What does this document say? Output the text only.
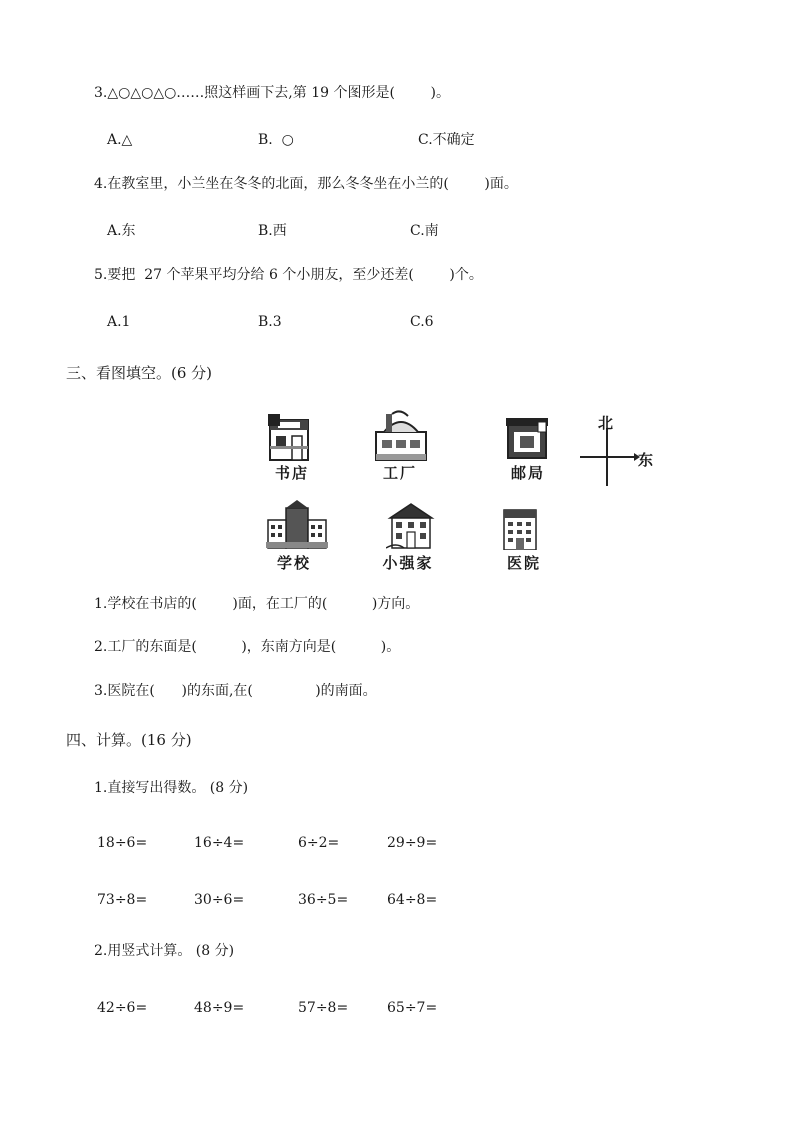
3.△○△○△○……照这样画下去,第 19 个图形是(        )。
A.△	B.  ○	C.不确定
4.在教室里，小兰坐在冬冬的北面，那么冬冬坐在小兰的(        )面。
A.东	B.西	C.南
5.要把  27 个苹果平均分给 6 个小朋友，至少还差(        )个。
A.1	B.3	C.6
三、看图填空。(6 分)
书店	工厂	邮局
北
东
学校	小强家	医院
1.学校在书店的(        )面，在工厂的(          )方向。
2.工厂的东面是(          )，东南方向是(          )。
3.医院在(      )的东面,在(              )的南面。
四、计算。(16 分)
1.直接写出得数。 (8 分)
18÷6=	16÷4=	6÷2=	29÷9=
73÷8=	30÷6=	36÷5=	64÷8=
2.用竖式计算。 (8 分)
42÷6=	48÷9=	57÷8=	65÷7=
